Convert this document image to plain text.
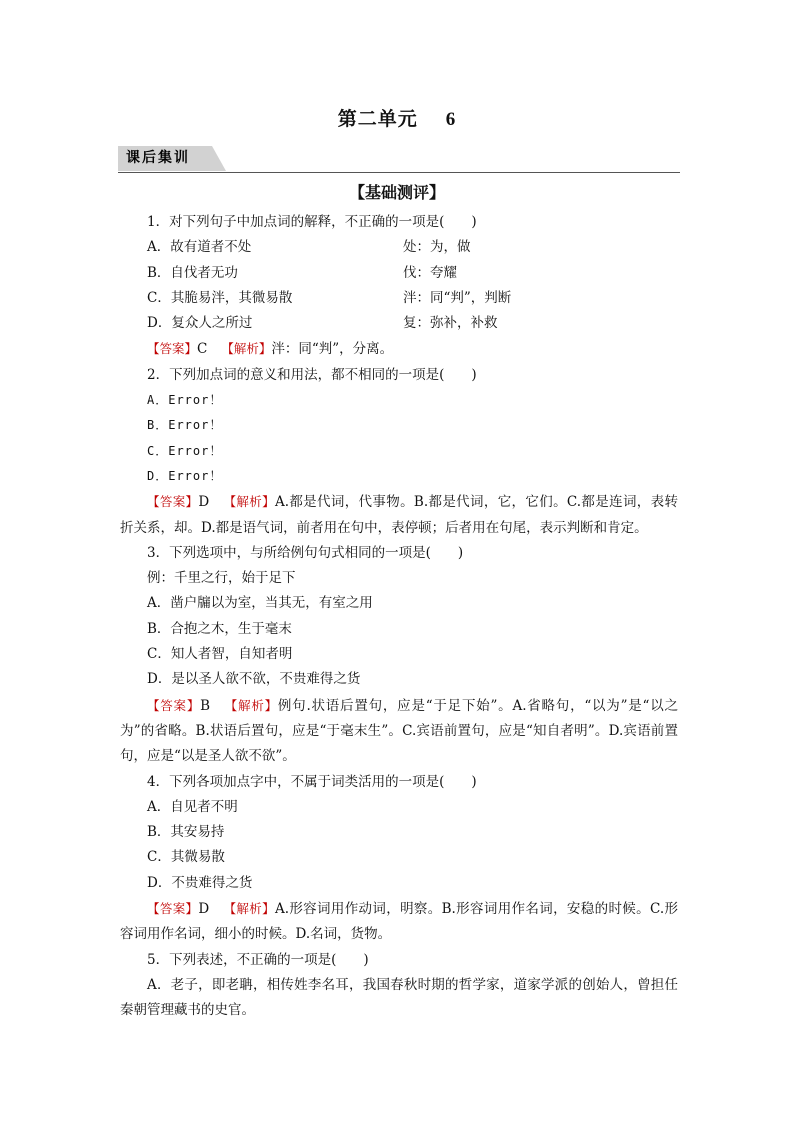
第二单元 6
课后集训
【基础测评】
1．对下列句子中加点词的解释，不正确的一项是(　　)
A．故有道者不处	处：为，做
B．自伐者无功	伐：夸耀
C．其脆易泮，其微易散	泮：同“判”，判断
D．复众人之所过	复：弥补，补救
【答案】C 【解析】泮：同“判”，分离。
2．下列加点词的意义和用法，都不相同的一项是(　　)
A．Error！
B．Error！
C．Error！
D．Error！
【答案】D 【解析】A.都是代词，代事物。B.都是代词，它，它们。C.都是连词，表转折关系，却。D.都是语气词，前者用在句中，表停顿；后者用在句尾，表示判断和肯定。
3．下列选项中，与所给例句句式相同的一项是(　　)
例：千里之行，始于足下
A．凿户牖以为室，当其无，有室之用
B．合抱之木，生于毫末
C．知人者智，自知者明
D．是以圣人欲不欲，不贵难得之货
【答案】B 【解析】例句.状语后置句，应是“于足下始”。A.省略句，“以为”是“以之为”的省略。B.状语后置句，应是“于毫末生”。C.宾语前置句，应是“知自者明”。D.宾语前置句，应是“以是圣人欲不欲”。
4．下列各项加点字中，不属于词类活用的一项是(　　)
A．自见者不明
B．其安易持
C．其微易散
D．不贵难得之货
【答案】D 【解析】A.形容词用作动词，明察。B.形容词用作名词，安稳的时候。C.形容词用作名词，细小的时候。D.名词，货物。
5．下列表述，不正确的一项是(　　)
A．老子，即老聃，相传姓李名耳，我国春秋时期的哲学家，道家学派的创始人，曾担任秦朝管理藏书的史官。
